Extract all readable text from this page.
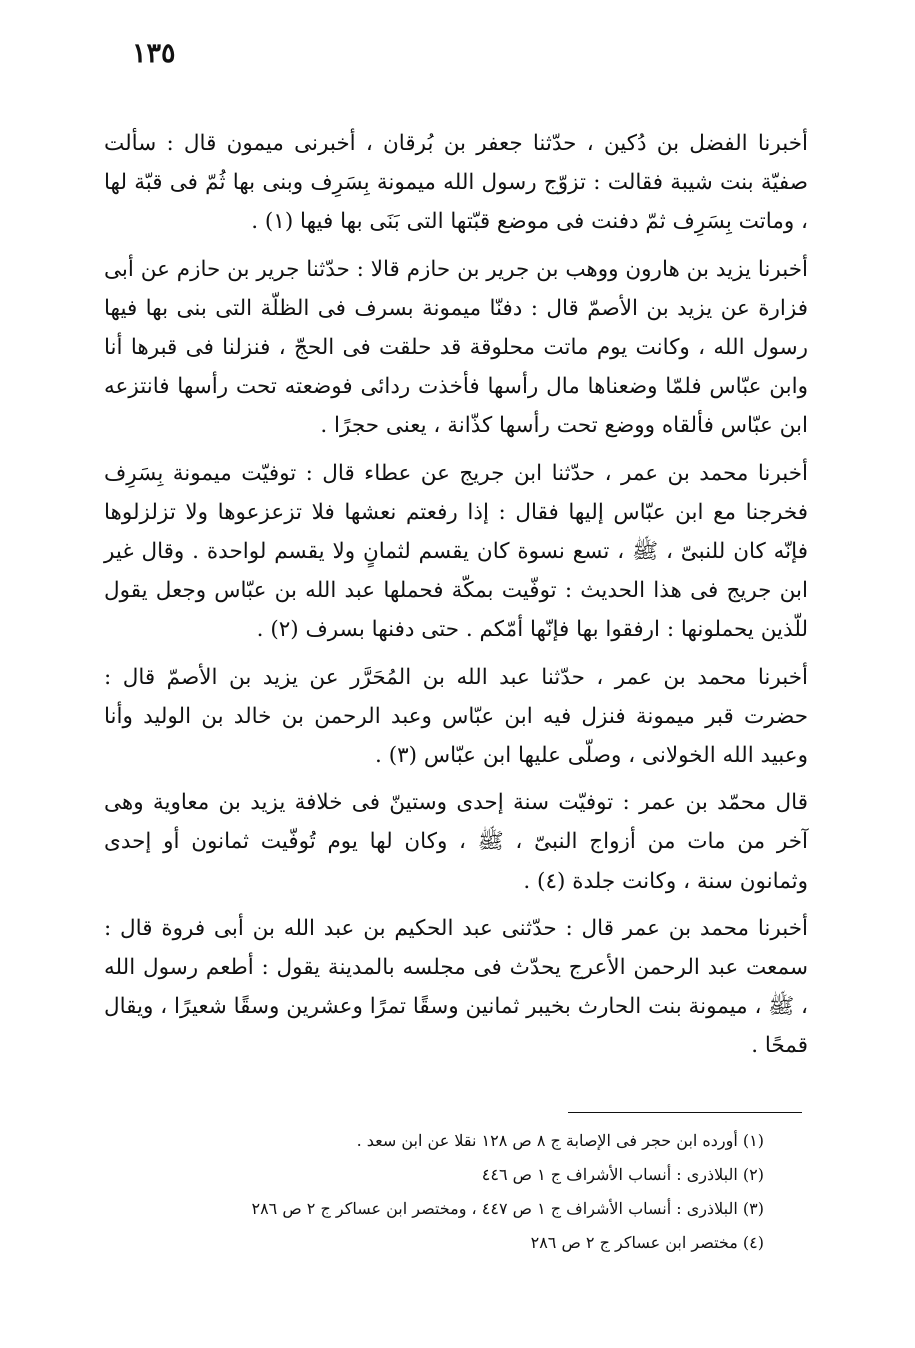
١٣٥

أخبرنا الفضل بن دُكين ، حدّثنا جعفر بن بُرقان ، أخبرنى ميمون قال : سألت صفيّة بنت شيبة فقالت : تزوّج رسول الله ميمونة بِسَرِف وبنى بها ثُمّ فى قبّة لها ، وماتت بِسَرِف ثمّ دفنت فى موضع قبّتها التى بَنَى بها فيها (١) .

أخبرنا يزيد بن هارون ووهب بن جرير بن حازم قالا : حدّثنا جرير بن حازم عن أبى فزارة عن يزيد بن الأصمّ قال : دفنّا ميمونة بسرف فى الظلّة التى بنى بها فيها رسول الله ، وكانت يوم ماتت محلوقة قد حلقت فى الحجّ ، فنزلنا فى قبرها أنا وابن عبّاس فلمّا وضعناها مال رأسها فأخذت ردائى فوضعته تحت رأسها فانتزعه ابن عبّاس فألقاه ووضع تحت رأسها كذّانة ، يعنى حجرًا .

أخبرنا محمد بن عمر ، حدّثنا ابن جريج عن عطاء قال : توفيّت ميمونة بِسَرِف فخرجنا مع ابن عبّاس إليها فقال : إذا رفعتم نعشها فلا تزعزعوها ولا تزلزلوها فإنّه كان للنبىّ ، ﷺ ، تسع نسوة كان يقسم لثمانٍ ولا يقسم لواحدة . وقال غير ابن جريج فى هذا الحديث : توفّيت بمكّة فحملها عبد الله بن عبّاس وجعل يقول للّذين يحملونها : ارفقوا بها فإنّها أمّكم . حتى دفنها بسرف (٢) .

أخبرنا محمد بن عمر ، حدّثنا عبد الله بن المُحَرَّر عن يزيد بن الأصمّ قال : حضرت قبر ميمونة فنزل فيه ابن عبّاس وعبد الرحمن بن خالد بن الوليد وأنا وعبيد الله الخولانى ، وصلّى عليها ابن عبّاس (٣) .

قال محمّد بن عمر : توفيّت سنة إحدى وستينّ فى خلافة يزيد بن معاوية وهى آخر من مات من أزواج النبىّ ، ﷺ ، وكان لها يوم تُوفّيت ثمانون أو إحدى وثمانون سنة ، وكانت جلدة (٤) .

أخبرنا محمد بن عمر قال : حدّثنى عبد الحكيم بن عبد الله بن أبى فروة قال : سمعت عبد الرحمن الأعرج يحدّث فى مجلسه بالمدينة يقول : أطعم رسول الله ، ﷺ ، ميمونة بنت الحارث بخيبر ثمانين وسقًا تمرًا وعشرين وسقًا شعيرًا ، ويقال قمحًا .

(١) أورده ابن حجر فى الإصابة ج ٨ ص ١٢٨ نقلا عن ابن سعد .
(٢) البلاذرى : أنساب الأشراف ج ١ ص ٤٤٦
(٣) البلاذرى : أنساب الأشراف ج ١ ص ٤٤٧ ، ومختصر ابن عساكر ج ٢ ص ٢٨٦
(٤) مختصر ابن عساكر ج ٢ ص ٢٨٦
